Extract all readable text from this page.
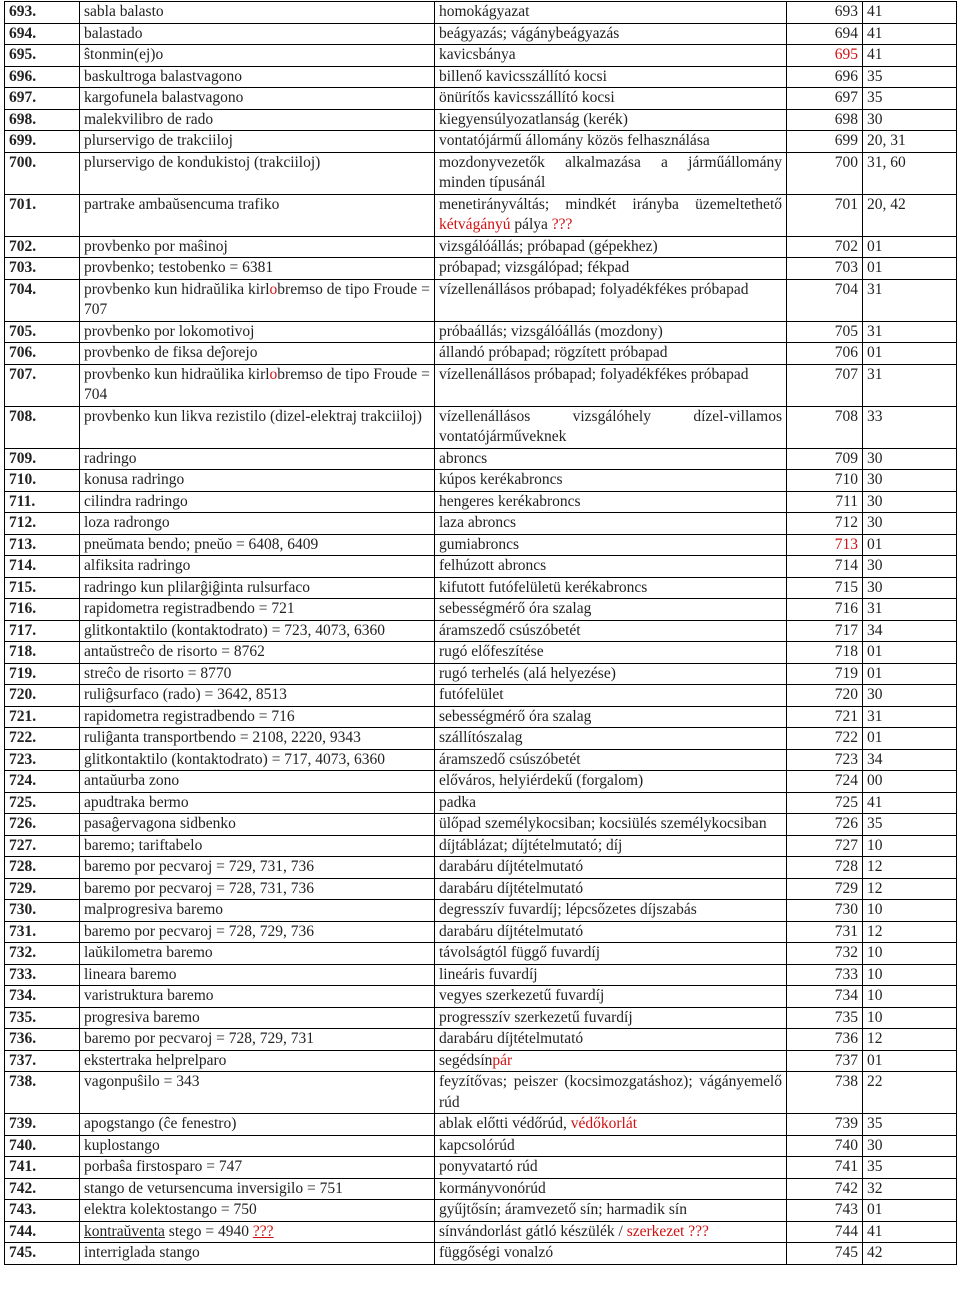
693.	sabla balasto	homokágyazat	693	41
694.	balastado	beágyazás; vágánybeágyazás	694	41
695.	ŝtonmin(ej)o	kavicsbánya	695	41
696.	baskultroga balastvagono	billenő kavicsszállító kocsi	696	35
697.	kargofunela balastvagono	önürítős kavicsszállító kocsi	697	35
698.	malekvilibro de rado	kiegyensúlyozatlanság (kerék)	698	30
699.	plurservigo de trakciiloj	vontatójármű állomány közös felhasználása	699	20, 31
700.	plurservigo de kondukistoj (trakciiloj)	mozdonyvezetők alkalmazása a járműállomány minden típusánál	700	31, 60
701.	partrake ambaŭsencuma trafiko	menetirányváltás; mindkét irányba üzemeltethető kétvágányú pálya ???	701	20, 42
702.	provbenko por maŝinoj	vizsgálóállás; próbapad (gépekhez)	702	01
703.	provbenko; testobenko = 6381	próbapad; vizsgálópad; fékpad	703	01
704.	provbenko kun hidraŭlika kirlobremso de tipo Froude = 707	vízellenállásos próbapad; folyadékfékes próbapad	704	31
705.	provbenko por lokomotivoj	próbaállás; vizsgálóállás (mozdony)	705	31
706.	provbenko de fiksa deĵorejo	állandó próbapad; rögzített próbapad	706	01
707.	provbenko kun hidraŭlika kirlobremso de tipo Froude = 704	vízellenállásos próbapad; folyadékfékes próbapad	707	31
708.	provbenko kun likva rezistilo (dizel-elektraj trakciiloj)	vízellenállásos vizsgálóhely dízel-villamos vontatójárműveknek	708	33
709.	radringo	abroncs	709	30
710.	konusa radringo	kúpos kerékabroncs	710	30
711.	cilindra radringo	hengeres kerékabroncs	711	30
712.	loza radrongo	laza abroncs	712	30
713.	pneŭmata bendo; pneŭo = 6408, 6409	gumiabroncs	713	01
714.	alfiksita radringo	felhúzott abroncs	714	30
715.	radringo kun plilarĝiĝinta rulsurfaco	kifutott futófelületü kerékabroncs	715	30
716.	rapidometra registradbendo = 721	sebességmérő óra szalag	716	31
717.	glitkontaktilo (kontaktodrato) = 723, 4073, 6360	áramszedő csúszóbetét	717	34
718.	antaŭstreĉo de risorto = 8762	rugó előfeszítése	718	01
719.	streĉo de risorto = 8770	rugó terhelés (alá helyezése)	719	01
720.	ruliĝsurfaco (rado) = 3642, 8513	futófelület	720	30
721.	rapidometra registradbendo = 716	sebességmérő óra szalag	721	31
722.	ruliĝanta transportbendo = 2108, 2220, 9343	szállítószalag	722	01
723.	glitkontaktilo (kontaktodrato) = 717, 4073, 6360	áramszedő csúszóbetét	723	34
724.	antaŭurba zono	előváros, helyiérdekű (forgalom)	724	00
725.	apudtraka bermo	padka	725	41
726.	pasaĝervagona sidbenko	ülőpad személykocsiban; kocsiülés személykocsiban	726	35
727.	baremo; tariftabelo	díjtáblázat; díjtételmutató; díj	727	10
728.	baremo por pecvaroj = 729, 731, 736	darabáru díjtételmutató	728	12
729.	baremo por pecvaroj = 728, 731, 736	darabáru díjtételmutató	729	12
730.	malprogresiva baremo	degresszív fuvardíj; lépcsőzetes díjszabás	730	10
731.	baremo por pecvaroj = 728, 729, 736	darabáru díjtételmutató	731	12
732.	laŭkilometra baremo	távolságtól függő fuvardíj	732	10
733.	lineara baremo	lineáris fuvardíj	733	10
734.	varistruktura baremo	vegyes szerkezetű fuvardíj	734	10
735.	progresiva baremo	progresszív szerkezetű fuvardíj	735	10
736.	baremo por pecvaroj = 728, 729, 731	darabáru díjtételmutató	736	12
737.	ekstertraka helprelparo	segédsínpár	737	01
738.	vagonpuŝilo = 343	feyzítővas; peiszer (kocsimozgatáshoz); vágányemelő rúd	738	22
739.	apogstango (ĉe fenestro)	ablak előtti védőrúd, védőkorlát	739	35
740.	kuplostango	kapcsolórúd	740	30
741.	porbaŝa firstosparo = 747	ponyvatartó rúd	741	35
742.	stango de vetursencuma inversigilo = 751	kormányvonórúd	742	32
743.	elektra kolektostango = 750	gyűjtősín; áramvezető sín; harmadik sín	743	01
744.	kontraŭventa stego = 4940 ???	sínvándorlást gátló készülék / szerkezet ???	744	41
745.	interriglada stango	függőségi vonalzó	745	42
